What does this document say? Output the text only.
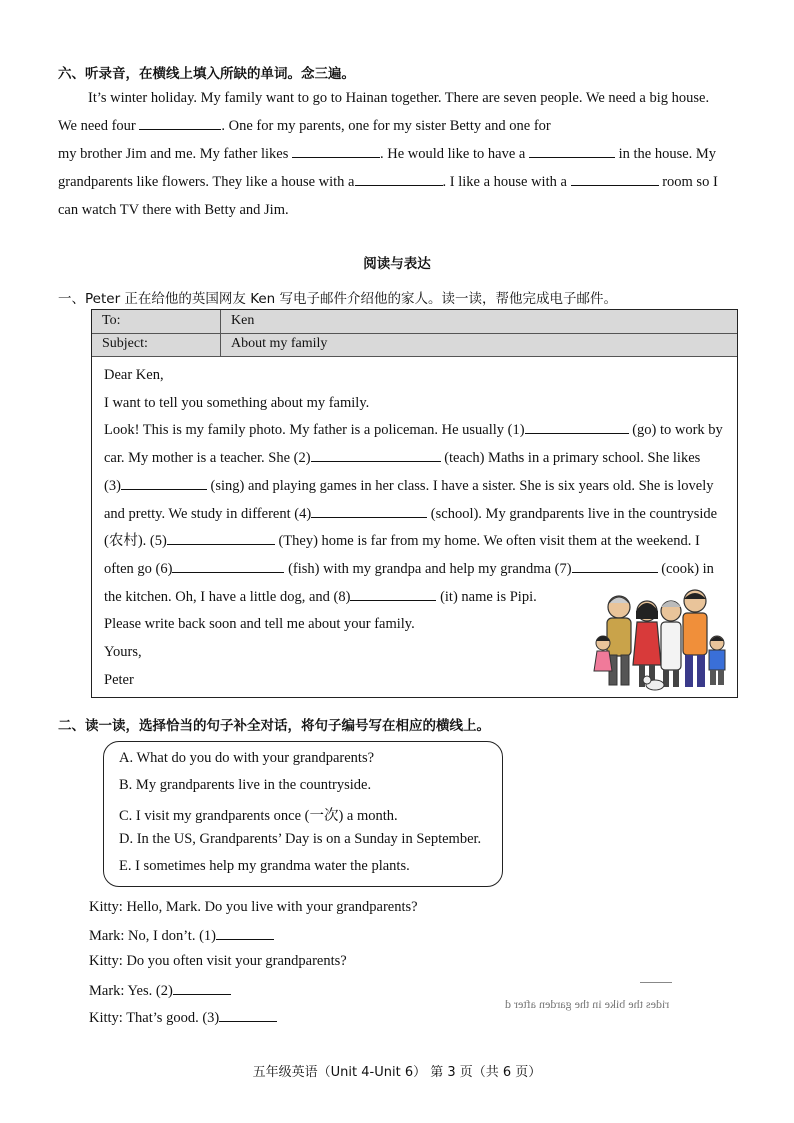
六、听录音，在横线上填入所缺的单词。念三遍。

It’s winter holiday. My family want to go to Hainan together. There are seven people. We need a big house.

We need four	. One for my parents, one for my sister Betty and one for

my brother Jim and me. My father likes	. He would like to have a	in the house. My

grandparents like flowers. They like a house with a	. I like a house with a	room so I

can watch TV there with Betty and Jim.

阅读与表达
一、Peter 正在给他的英国网友 Ken 写电子邮件介绍他的家人。读一读，帮他完成电子邮件。
To:	Ken
Subject:	About my family

Dear Ken,

I want to tell you something about my family.

Look! This is my family photo. My father is a policeman. He usually (1)	(go) to work by

car. My mother is a teacher. She (2)	(teach) Maths in a primary school. She likes

(3)	(sing) and playing games in her class. I have a sister. She is six years old. She is lovely

and pretty. We study in different (4)	(school). My grandparents live in the countryside

(农村). (5)	(They) home is far from my home. We often visit them at the weekend. I

often go (6)	(fish) with my grandpa and help my grandma (7)	(cook) in

the kitchen. Oh, I have a little dog, and (8)	(it) name is Pipi.

Please write back soon and tell me about your family.

Yours,

Peter

二、读一读，选择恰当的句子补全对话，将句子编号写在相应的横线上。
A. What do you do with your grandparents?
B. My grandparents live in the countryside.
C. I visit my grandparents once (一次) a month.
D. In the US, Grandparents’ Day is on a Sunday in September.
E. I sometimes help my grandma water the plants.
Kitty: Hello, Mark. Do you live with your grandparents?
Mark: No, I don’t. (1)
Kitty: Do you often visit your grandparents?
Mark: Yes. (2)
Kitty: That’s good. (3)
rides the bike in the garden after d
五年级英语（Unit 4-Unit 6） 第 3 页（共 6 页）
